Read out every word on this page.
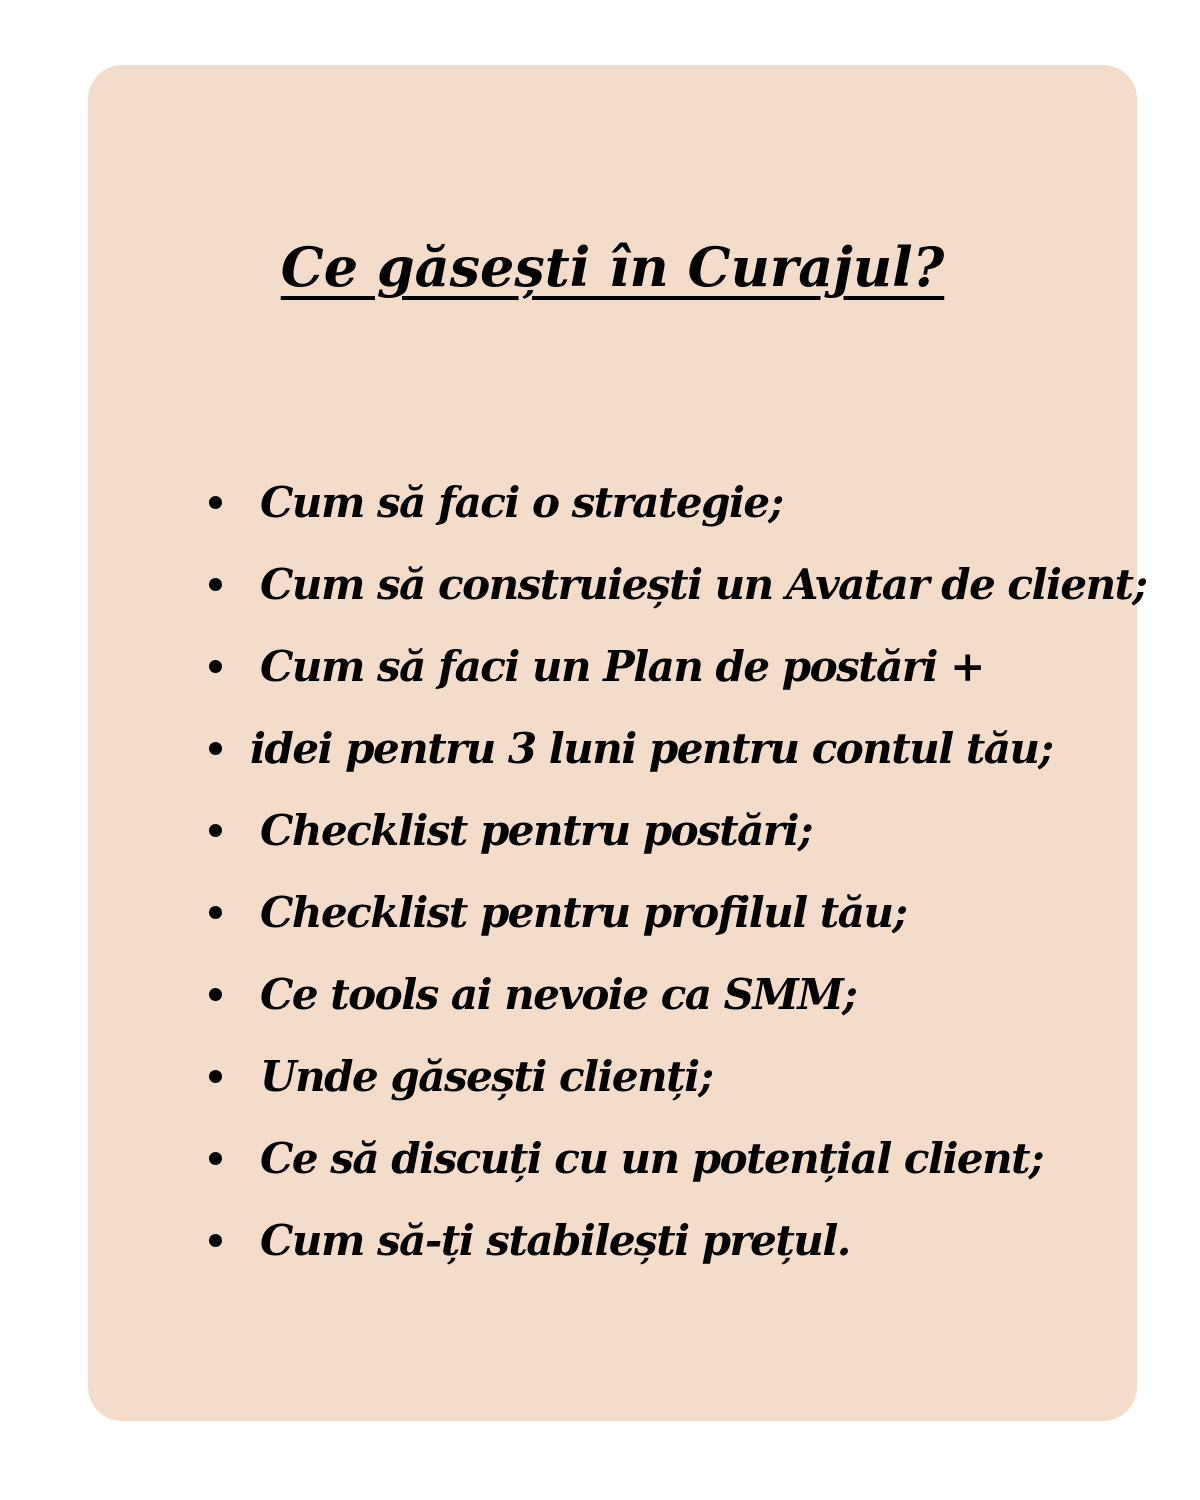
Ce găsești în Curajul?
Cum să faci o strategie;
Cum să construiești un Avatar de client;
Cum să faci un Plan de postări +
idei pentru 3 luni pentru contul tău;
Checklist pentru postări;
Checklist pentru profilul tău;
Ce tools ai nevoie ca SMM;
Unde găsești clienți;
Ce să discuți cu un potențial client;
Cum să-ți stabilești prețul.
